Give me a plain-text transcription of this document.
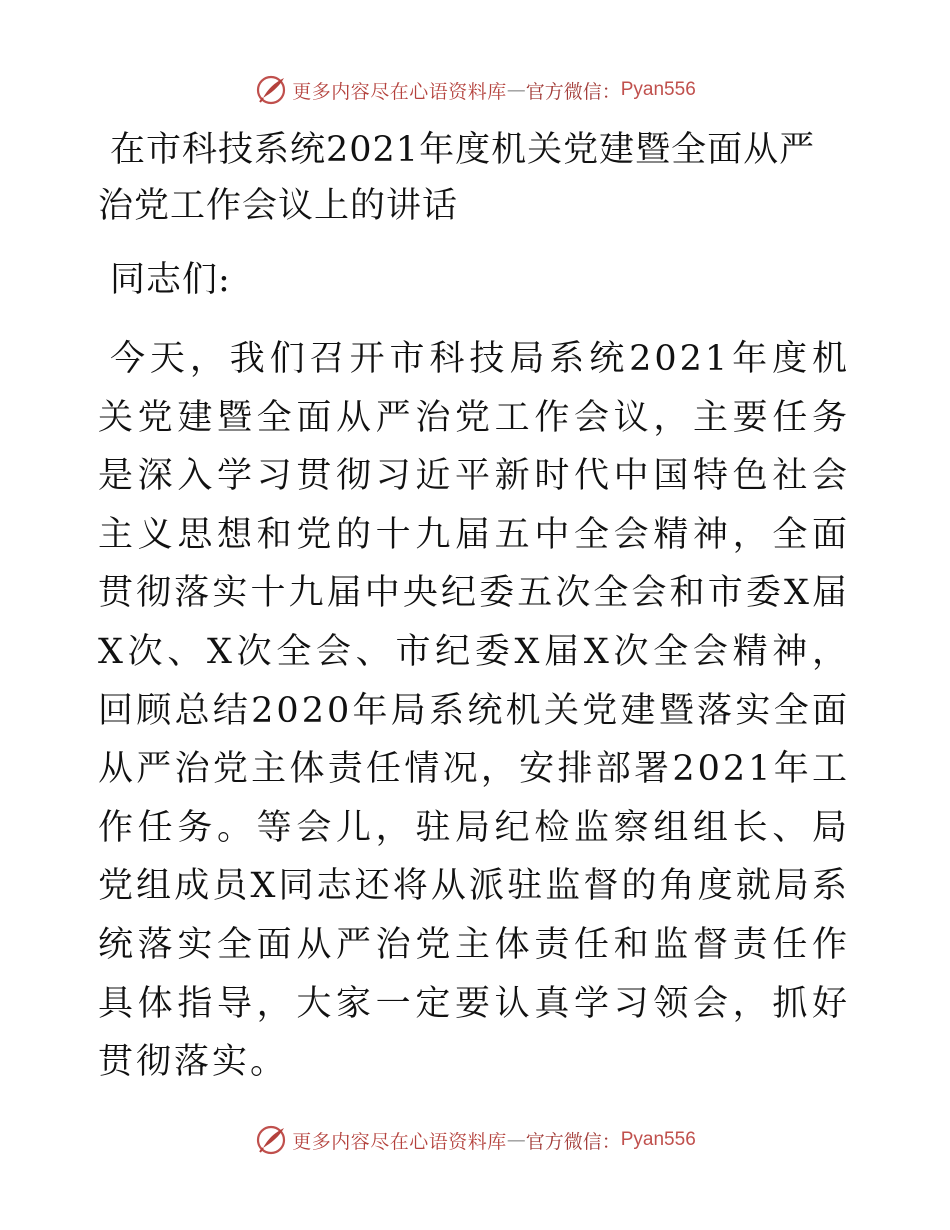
更多内容尽在心语资料库 — 官方微信： Pyan556
在市科技系统2021年度机关党建暨全面从严治党工作会议上的讲话

同志们:

今天，我们召开市科技局系统2021年度机关党建暨全面从严治党工作会议，主要任务是深入学习贯彻习近平新时代中国特色社会主义思想和党的十九届五中全会精神，全面贯彻落实十九届中央纪委五次全会和市委X届X次、X次全会、市纪委X届X次全会精神，回顾总结2020年局系统机关党建暨落实全面从严治党主体责任情况，安排部署2021年工作任务。等会儿，驻局纪检监察组组长、局党组成员X同志还将从派驻监督的角度就局系统落实全面从严治党主体责任和监督责任作具体指导，大家一定要认真学习领会，抓好贯彻落实。

更多内容尽在心语资料库 — 官方微信： Pyan556
